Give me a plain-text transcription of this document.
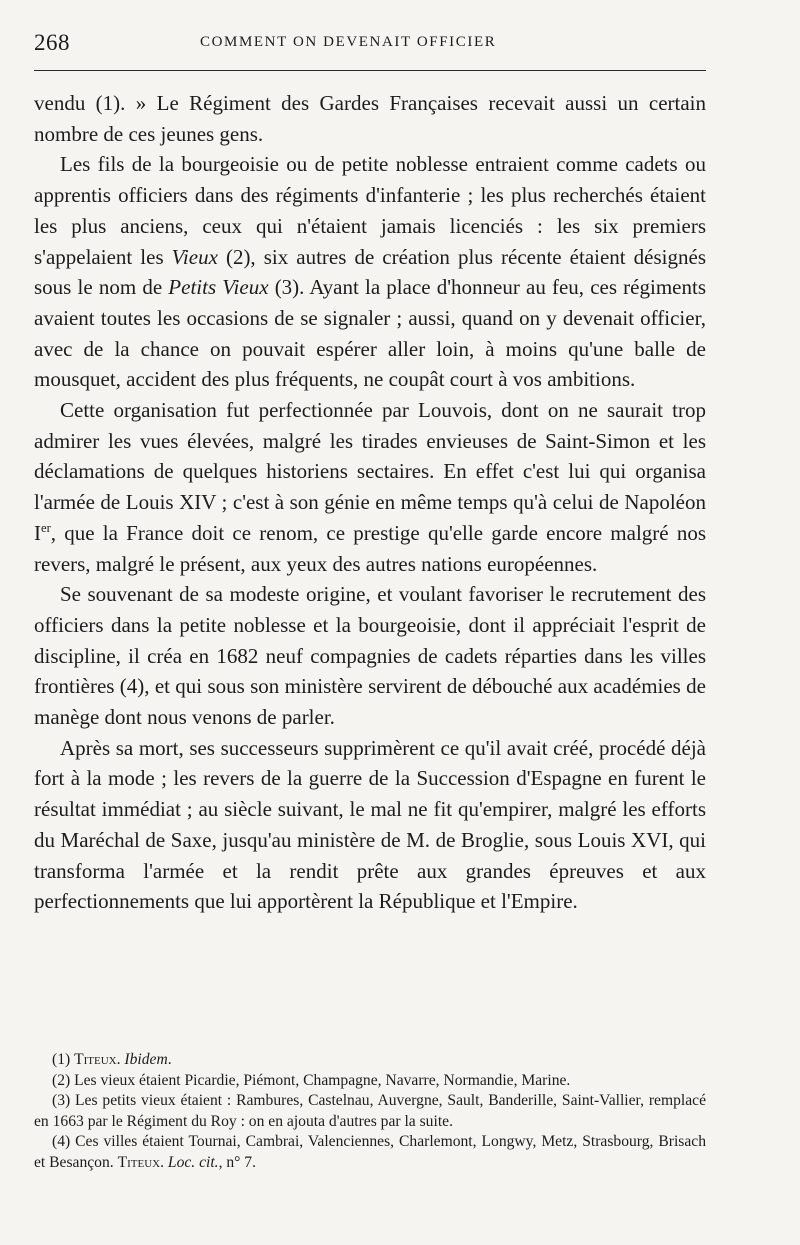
268	COMMENT ON DEVENAIT OFFICIER

vendu (1). » Le Régiment des Gardes Françaises recevait aussi un certain nombre de ces jeunes gens.

Les fils de la bourgeoisie ou de petite noblesse entraient comme cadets ou apprentis officiers dans des régiments d'infanterie ; les plus recherchés étaient les plus anciens, ceux qui n'étaient jamais licenciés : les six premiers s'appelaient les Vieux (2), six autres de création plus récente étaient désignés sous le nom de Petits Vieux (3). Ayant la place d'honneur au feu, ces régiments avaient toutes les occasions de se signaler ; aussi, quand on y devenait officier, avec de la chance on pouvait espérer aller loin, à moins qu'une balle de mousquet, accident des plus fréquents, ne coupât court à vos ambitions.

Cette organisation fut perfectionnée par Louvois, dont on ne saurait trop admirer les vues élevées, malgré les tirades envieuses de Saint-Simon et les déclamations de quelques historiens sectaires. En effet c'est lui qui organisa l'armée de Louis XIV ; c'est à son génie en même temps qu'à celui de Napoléon Ier, que la France doit ce renom, ce prestige qu'elle garde encore malgré nos revers, malgré le présent, aux yeux des autres nations européennes.

Se souvenant de sa modeste origine, et voulant favoriser le recrutement des officiers dans la petite noblesse et la bourgeoisie, dont il appréciait l'esprit de discipline, il créa en 1682 neuf compagnies de cadets réparties dans les villes frontières (4), et qui sous son ministère servirent de débouché aux académies de manège dont nous venons de parler.

Après sa mort, ses successeurs supprimèrent ce qu'il avait créé, procédé déjà fort à la mode ; les revers de la guerre de la Succession d'Espagne en furent le résultat immédiat ; au siècle suivant, le mal ne fit qu'empirer, malgré les efforts du Maréchal de Saxe, jusqu'au ministère de M. de Broglie, sous Louis XVI, qui transforma l'armée et la rendit prête aux grandes épreuves et aux perfectionnements que lui apportèrent la République et l'Empire.

(1) Titeux. Ibidem.

(2) Les vieux étaient Picardie, Piémont, Champagne, Navarre, Normandie, Marine.

(3) Les petits vieux étaient : Rambures, Castelnau, Auvergne, Sault, Banderille, Saint-Vallier, remplacé en 1663 par le Régiment du Roy : on en ajouta d'autres par la suite.

(4) Ces villes étaient Tournai, Cambrai, Valenciennes, Charlemont, Longwy, Metz, Strasbourg, Brisach et Besançon. Titeux. Loc. cit., n° 7.
